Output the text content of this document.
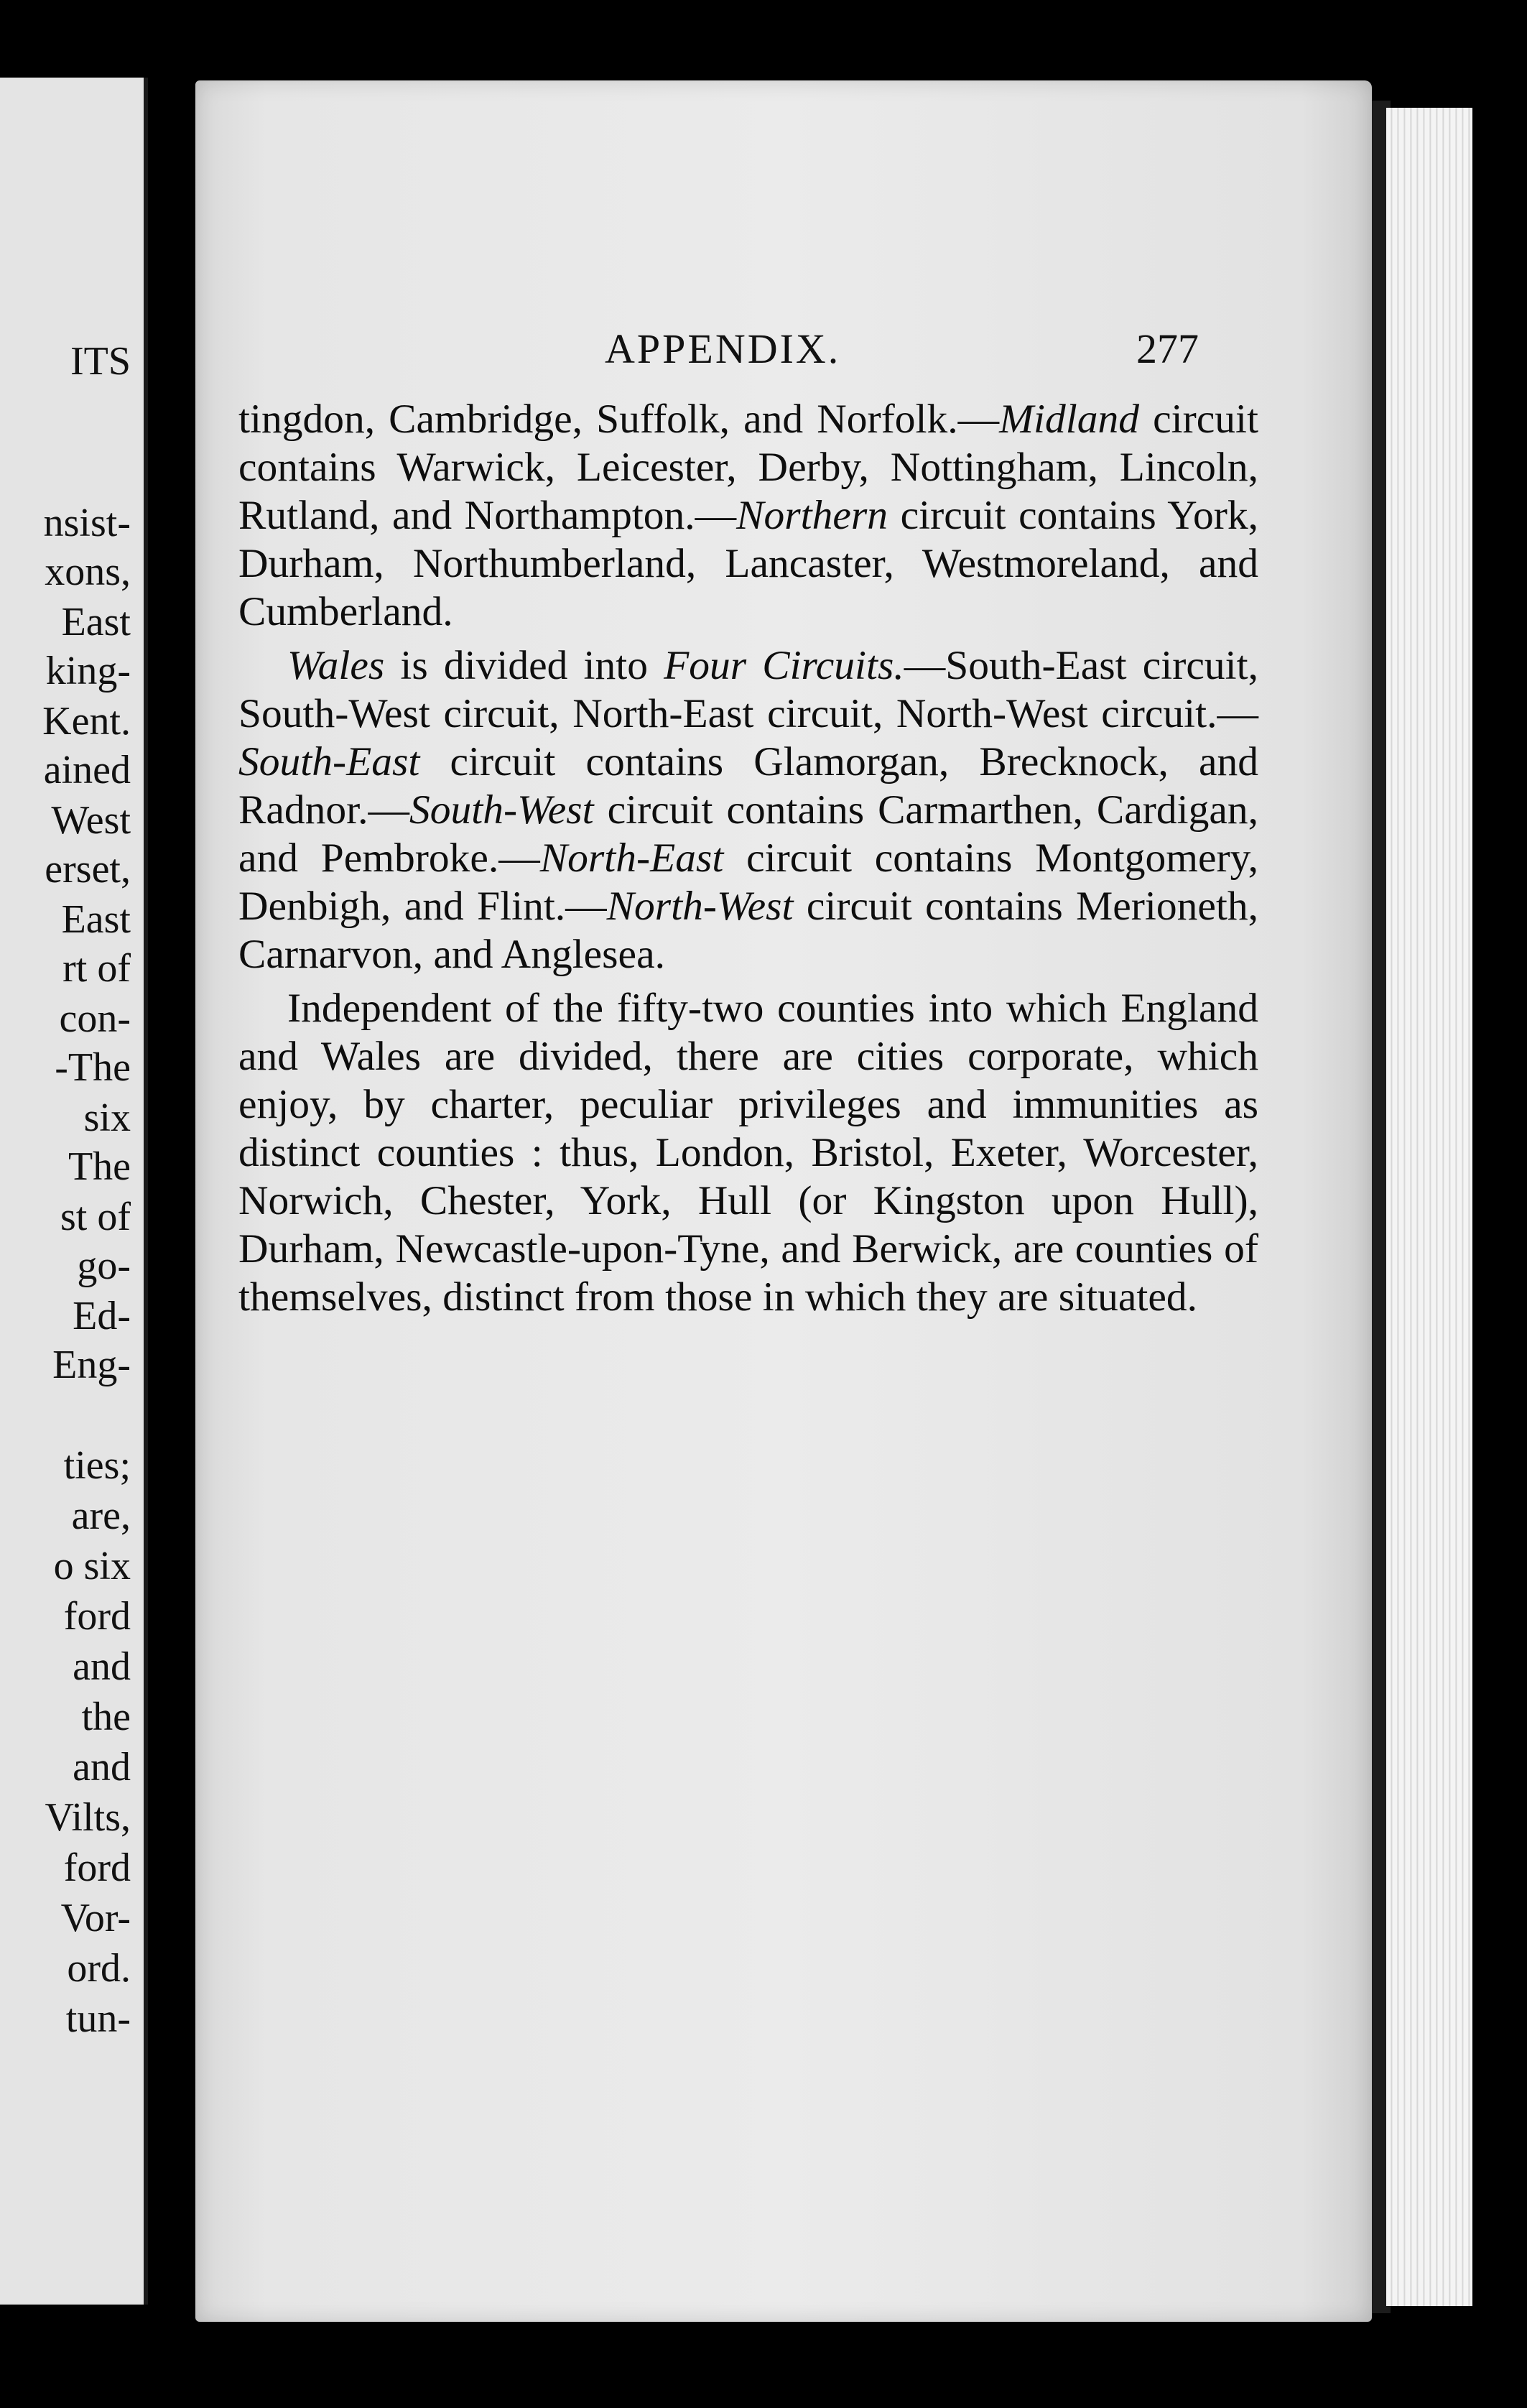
ITS
nsist-
xons,
East
king-
Kent.
ained
West
erset,
East
rt of
con-
-The
six
The
st of
go-
Ed-
Eng-
ties;
are,
o six
ford
and
the
and
Vilts,
ford
Vor-
ord.
tun-
APPENDIX.	277

tingdon, Cambridge, Suffolk, and Norfolk.—Midland circuit contains Warwick, Leicester, Derby, Nottingham, Lincoln, Rutland, and Northampton.—Northern circuit contains York, Durham, Northumberland, Lancaster, Westmoreland, and Cumberland.

Wales is divided into Four Circuits.—South-East circuit, South-West circuit, North-East circuit, North-West circuit.—South-East circuit contains Glamorgan, Brecknock, and Radnor.—South-West circuit contains Carmarthen, Cardigan, and Pembroke.—North-East circuit contains Montgomery, Denbigh, and Flint.—North-West circuit contains Merioneth, Carnarvon, and Anglesea.

Independent of the fifty-two counties into which England and Wales are divided, there are cities corporate, which enjoy, by charter, peculiar privileges and immunities as distinct counties : thus, London, Bristol, Exeter, Worcester, Norwich, Chester, York, Hull (or Kingston upon Hull), Durham, Newcastle-upon-Tyne, and Berwick, are counties of themselves, distinct from those in which they are situated.
